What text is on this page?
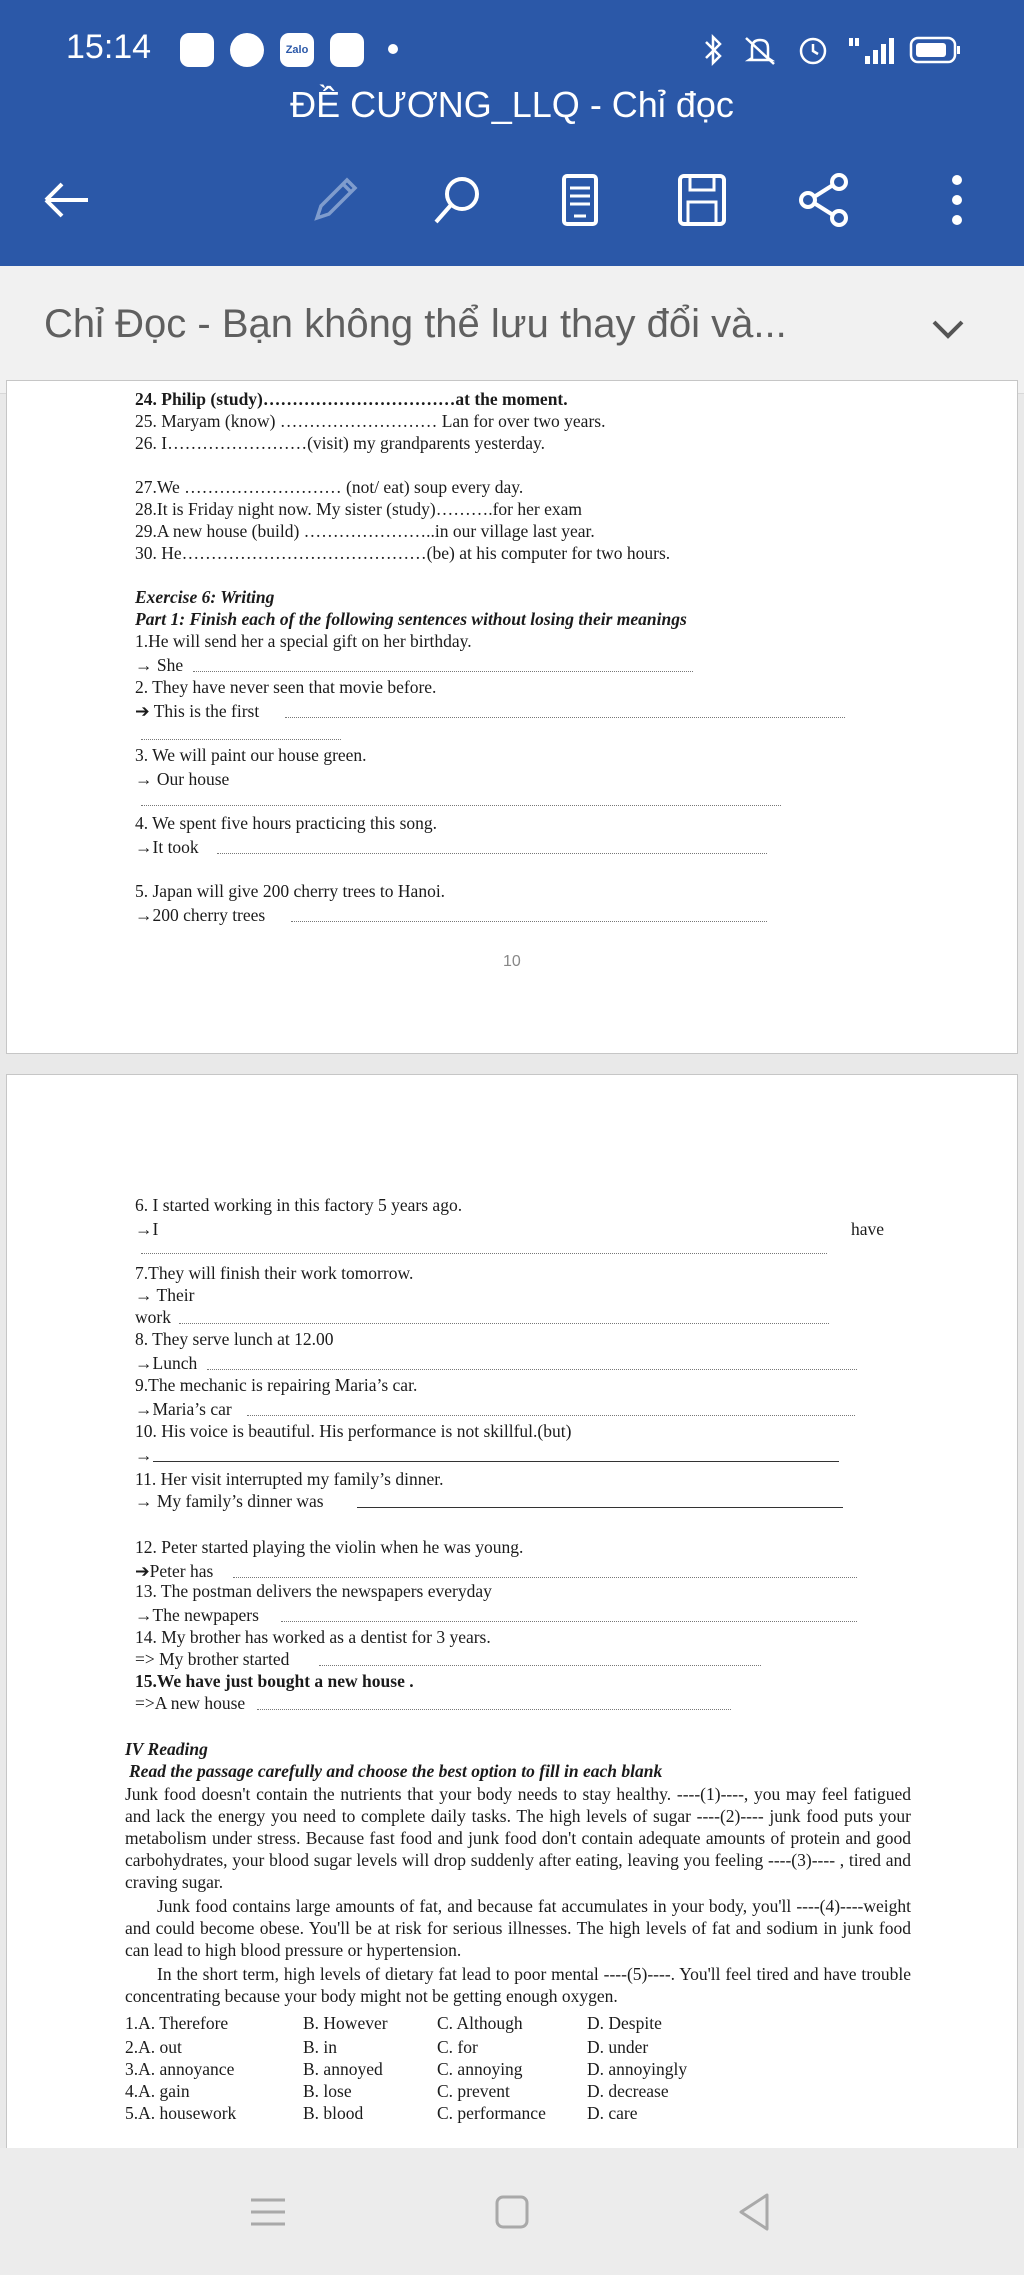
15:14	Zalo
ĐỀ CƯƠNG_LLQ - Chỉ đọc
Chỉ Đọc - Bạn không thể lưu thay đổi và...
24. Philip (study)……………………………at the moment.
25. Maryam (know) ……………………… Lan for over two years.
26. I……………………(visit) my grandparents yesterday.
27.We ……………………… (not/ eat) soup every day.
28.It is Friday night now. My sister (study)……….for her exam
29.A new house (build) …………………..in our village last year.
30. He……………………………………(be) at his computer for two hours.
Exercise 6: Writing
Part 1: Finish each of the following sentences without losing their meanings
1.He will send her a special gift on her birthday.
→ She
2. They have never seen that movie before.
➔ This is the first
3. We will paint our house green.
→ Our house
4. We spent five hours practicing this song.
→It took
5. Japan will give 200 cherry trees to Hanoi.
→200 cherry trees
10
6. I started working in this factory 5 years ago.
→I	have
7.They will finish their work tomorrow.
→ Their
work
8. They serve lunch at 12.00
→Lunch
9.The mechanic is repairing Maria’s car.
→Maria’s car
10. His voice is beautiful. His performance is not skillful.(but)
→
11. Her visit interrupted my family’s dinner.
→ My family’s dinner was
12. Peter started playing the violin when he was young.
➔Peter has
13. The postman delivers the newspapers everyday
→The newpapers
14. My brother has worked as a dentist for 3 years.
=> My brother started
15.We have just bought a new house .
=>A new house
IV Reading
Read the passage carefully and choose the best option to fill in each blank
Junk food doesn't contain the nutrients that your body needs to stay healthy. ----(1)----, you may feel fatigued and lack the energy you need to complete daily tasks. The high levels of sugar ----(2)---- junk food puts your metabolism under stress. Because fast food and junk food don't contain adequate amounts of protein and good carbohydrates, your blood sugar levels will drop suddenly after eating, leaving you feeling ----(3)---- , tired and craving sugar.
Junk food contains large amounts of fat, and because fat accumulates in your body, you'll ----(4)----weight and could become obese. You'll be at risk for serious illnesses. The high levels of fat and sodium in junk food can lead to high blood pressure or hypertension.
In the short term, high levels of dietary fat lead to poor mental ----(5)----. You'll feel tired and have trouble concentrating because your body might not be getting enough oxygen.
1.A. Therefore	B. However	C. Although	D. Despite
2.A. out	B. in	C. for	D. under
3.A. annoyance	B. annoyed	C. annoying	D. annoyingly
4.A. gain	B. lose	C. prevent	D. decrease
5.A. housework	B. blood	C. performance D. care
